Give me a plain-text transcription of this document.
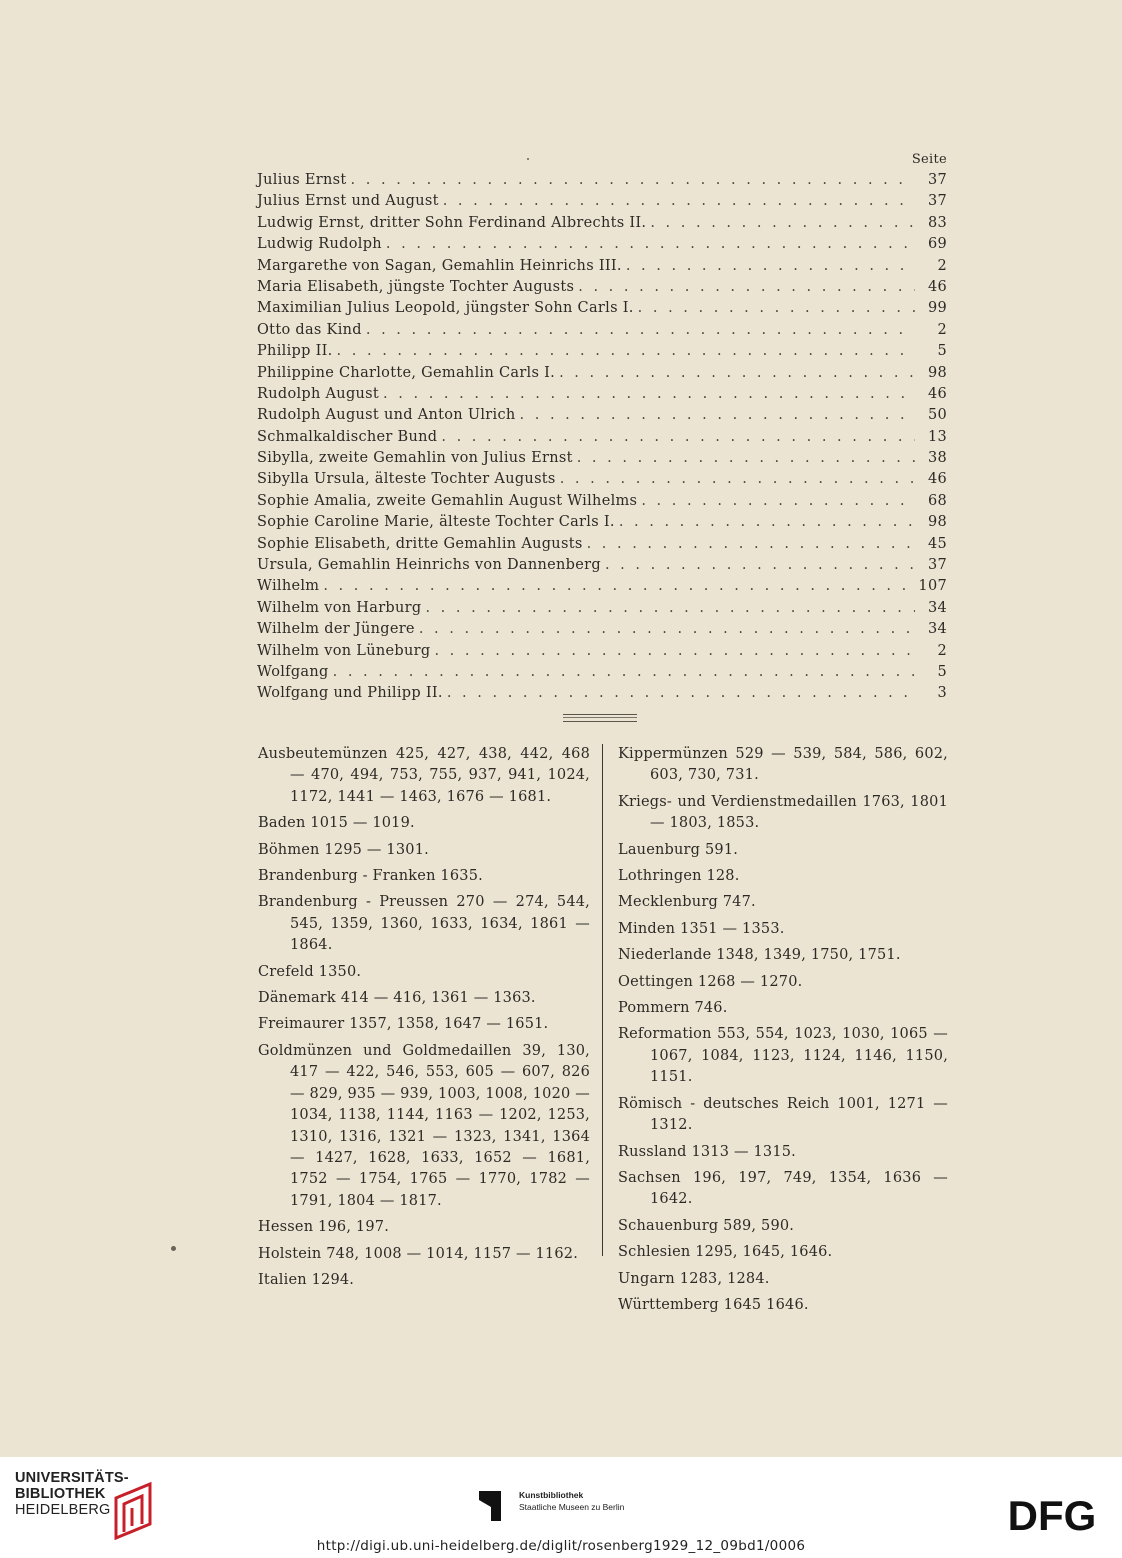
Seite
Julius Ernst . . .	37
Julius Ernst und August . . .	37
Ludwig Ernst, dritter Sohn Ferdinand Albrechts II. . . .	83
Ludwig Rudolph . . .	69
Margarethe von Sagan, Gemahlin Heinrichs III. . . .	2
Maria Elisabeth, jüngste Tochter Augusts . . .	46
Maximilian Julius Leopold, jüngster Sohn Carls I. . . .	99
Otto das Kind . . .	2
Philipp II. . . .	5
Philippine Charlotte, Gemahlin Carls I. . . .	98
Rudolph August . . .	46
Rudolph August und Anton Ulrich . . .	50
Schmalkaldischer Bund . . .	13
Sibylla, zweite Gemahlin von Julius Ernst . . .	38
Sibylla Ursula, älteste Tochter Augusts . . .	46
Sophie Amalia, zweite Gemahlin August Wilhelms . . .	68
Sophie Caroline Marie, älteste Tochter Carls I. . . .	98
Sophie Elisabeth, dritte Gemahlin Augusts . . .	45
Ursula, Gemahlin Heinrichs von Dannenberg . . .	37
Wilhelm . . .	107
Wilhelm von Harburg . . .	34
Wilhelm der Jüngere . . .	34
Wilhelm von Lüneburg . . .	2
Wolfgang . . .	5
Wolfgang und Philipp II. . . .	3
Ausbeutemünzen 425, 427, 438, 442, 468 — 470, 494, 753, 755, 937, 941, 1024, 1172, 1441 — 1463, 1676 — 1681.
Baden 1015 — 1019.
Böhmen 1295 — 1301.
Brandenburg - Franken 1635.
Brandenburg - Preussen 270 — 274, 544, 545, 1359, 1360, 1633, 1634, 1861 — 1864.
Crefeld 1350.
Dänemark 414 — 416, 1361 — 1363.
Freimaurer 1357, 1358, 1647 — 1651.
Goldmünzen und Goldmedaillen 39, 130, 417 — 422, 546, 553, 605 — 607, 826 — 829, 935 — 939, 1003, 1008, 1020 — 1034, 1138, 1144, 1163 — 1202, 1253, 1310, 1316, 1321 — 1323, 1341, 1364 — 1427, 1628, 1633, 1652 — 1681, 1752 — 1754, 1765 — 1770, 1782 — 1791, 1804 — 1817.
Hessen 196, 197.
Holstein 748, 1008 — 1014, 1157 — 1162.
Italien 1294.
Kippermünzen 529 — 539, 584, 586, 602, 603, 730, 731.
Kriegs- und Verdienstmedaillen 1763, 1801 — 1803, 1853.
Lauenburg 591.
Lothringen 128.
Mecklenburg 747.
Minden 1351 — 1353.
Niederlande 1348, 1349, 1750, 1751.
Oettingen 1268 — 1270.
Pommern 746.
Reformation 553, 554, 1023, 1030, 1065 — 1067, 1084, 1123, 1124, 1146, 1150, 1151.
Römisch - deutsches Reich 1001, 1271 — 1312.
Russland 1313 — 1315.
Sachsen 196, 197, 749, 1354, 1636 — 1642.
Schauenburg 589, 590.
Schlesien 1295, 1645, 1646.
Ungarn 1283, 1284.
Württemberg 1645 1646.
UNIVERSITÄTS-
BIBLIOTHEK
HEIDELBERG
Kunstbibliothek
Staatliche Museen zu Berlin	DFG
http://digi.ub.uni-heidelberg.de/diglit/rosenberg1929_12_09bd1/0006
